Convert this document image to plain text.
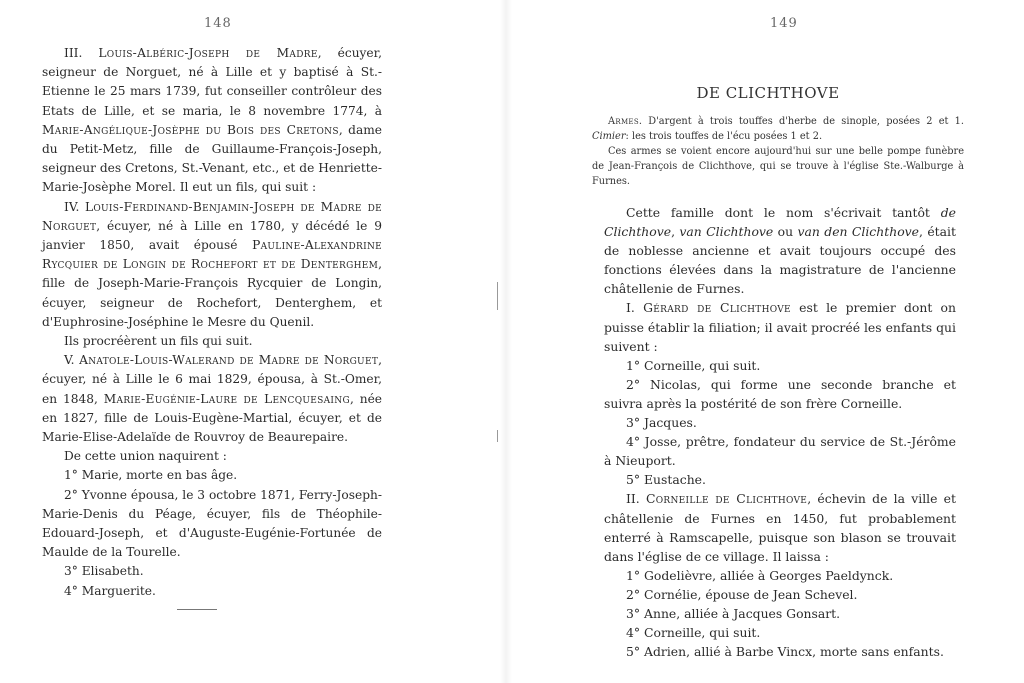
148

III. Louis-Albéric-Joseph de Madre, écuyer, seigneur de Norguet, né à Lille et y baptisé à St.-Etienne le 25 mars 1739, fut conseiller contrôleur des Etats de Lille, et se maria, le 8 novembre 1774, à Marie-Angélique-Josèphe du Bois des Cretons, dame du Petit-Metz, fille de Guillaume-François-Joseph, seigneur des Cretons, St.-Venant, etc., et de Henriette-Marie-Josèphe Morel. Il eut un fils, qui suit :

IV. Louis-Ferdinand-Benjamin-Joseph de Madre de Norguet, écuyer, né à Lille en 1780, y décédé le 9 janvier 1850, avait épousé Pauline-Alexandrine Rycquier de Longin de Rochefort et de Denterghem, fille de Joseph-Marie-François Rycquier de Longin, écuyer, seigneur de Rochefort, Denterghem, et d'Euphrosine-Joséphine le Mesre du Quenil.

Ils procréèrent un fils qui suit.

V. Anatole-Louis-Walerand de Madre de Norguet, écuyer, né à Lille le 6 mai 1829, épousa, à St.-Omer, en 1848, Marie-Eugénie-Laure de Lencquesaing, née en 1827, fille de Louis-Eugène-Martial, écuyer, et de Marie-Elise-Adelaïde de Rouvroy de Beaurepaire.

De cette union naquirent :

1° Marie, morte en bas âge.

2° Yvonne épousa, le 3 octobre 1871, Ferry-Joseph-Marie-Denis du Péage, écuyer, fils de Théophile-Edouard-Joseph, et d'Auguste-Eugénie-Fortunée de Maulde de la Tourelle.

3° Elisabeth.

4° Marguerite.

149
DE CLICHTHOVE

Armes. D'argent à trois touffes d'herbe de sinople, posées 2 et 1. Cimier: les trois touffes de l'écu posées 1 et 2.

Ces armes se voient encore aujourd'hui sur une belle pompe funèbre de Jean-François de Clichthove, qui se trouve à l'église Ste.-Walburge à Furnes.

Cette famille dont le nom s'écrivait tantôt de Clichthove, van Clichthove ou van den Clichthove, était de noblesse ancienne et avait toujours occupé des fonctions élevées dans la magistrature de l'ancienne châtellenie de Furnes.

I. Gérard de Clichthove est le premier dont on puisse établir la filiation; il avait procréé les enfants qui suivent :

1° Corneille, qui suit.

2° Nicolas, qui forme une seconde branche et suivra après la postérité de son frère Corneille.

3° Jacques.

4° Josse, prêtre, fondateur du service de St.-Jérôme à Nieuport.

5° Eustache.

II. Corneille de Clichthove, échevin de la ville et châtellenie de Furnes en 1450, fut probablement enterré à Ramscapelle, puisque son blason se trouvait dans l'église de ce village. Il laissa :

1° Godelièvre, alliée à Georges Paeldynck.

2° Cornélie, épouse de Jean Schevel.

3° Anne, alliée à Jacques Gonsart.

4° Corneille, qui suit.

5° Adrien, allié à Barbe Vincx, morte sans enfants.
